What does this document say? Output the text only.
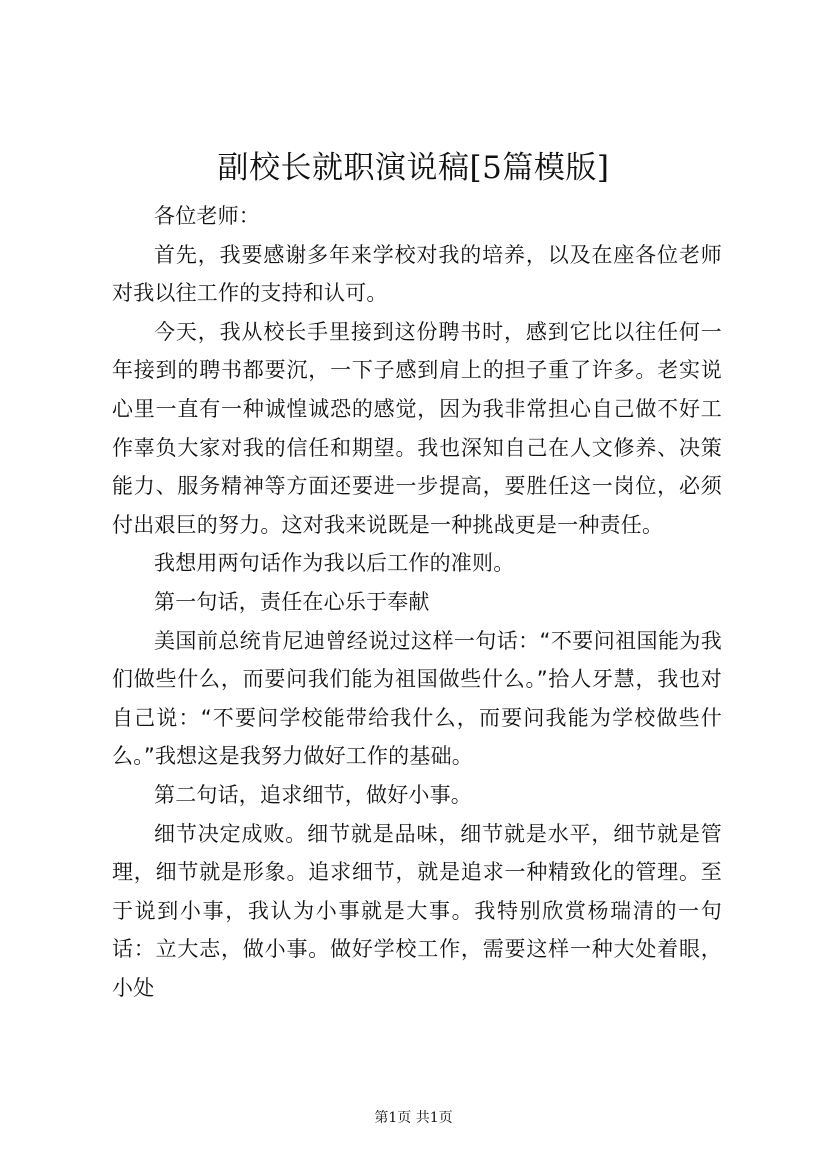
副校长就职演说稿[5篇模版]

各位老师：

首先，我要感谢多年来学校对我的培养，以及在座各位老师对我以往工作的支持和认可。

今天，我从校长手里接到这份聘书时，感到它比以往任何一年接到的聘书都要沉，一下子感到肩上的担子重了许多。老实说心里一直有一种诚惶诚恐的感觉，因为我非常担心自己做不好工作辜负大家对我的信任和期望。我也深知自己在人文修养、决策能力、服务精神等方面还要进一步提高，要胜任这一岗位，必须付出艰巨的努力。这对我来说既是一种挑战更是一种责任。

我想用两句话作为我以后工作的准则。

第一句话，责任在心乐于奉献

美国前总统肯尼迪曾经说过这样一句话：“不要问祖国能为我们做些什么，而要问我们能为祖国做些什么。”拾人牙慧，我也对自己说：“不要问学校能带给我什么，而要问我能为学校做些什么。”我想这是我努力做好工作的基础。

第二句话，追求细节，做好小事。

细节决定成败。细节就是品味，细节就是水平，细节就是管理，细节就是形象。追求细节，就是追求一种精致化的管理。至于说到小事，我认为小事就是大事。我特别欣赏杨瑞清的一句话：立大志，做小事。做好学校工作，需要这样一种大处着眼，小处

第1页 共1页
